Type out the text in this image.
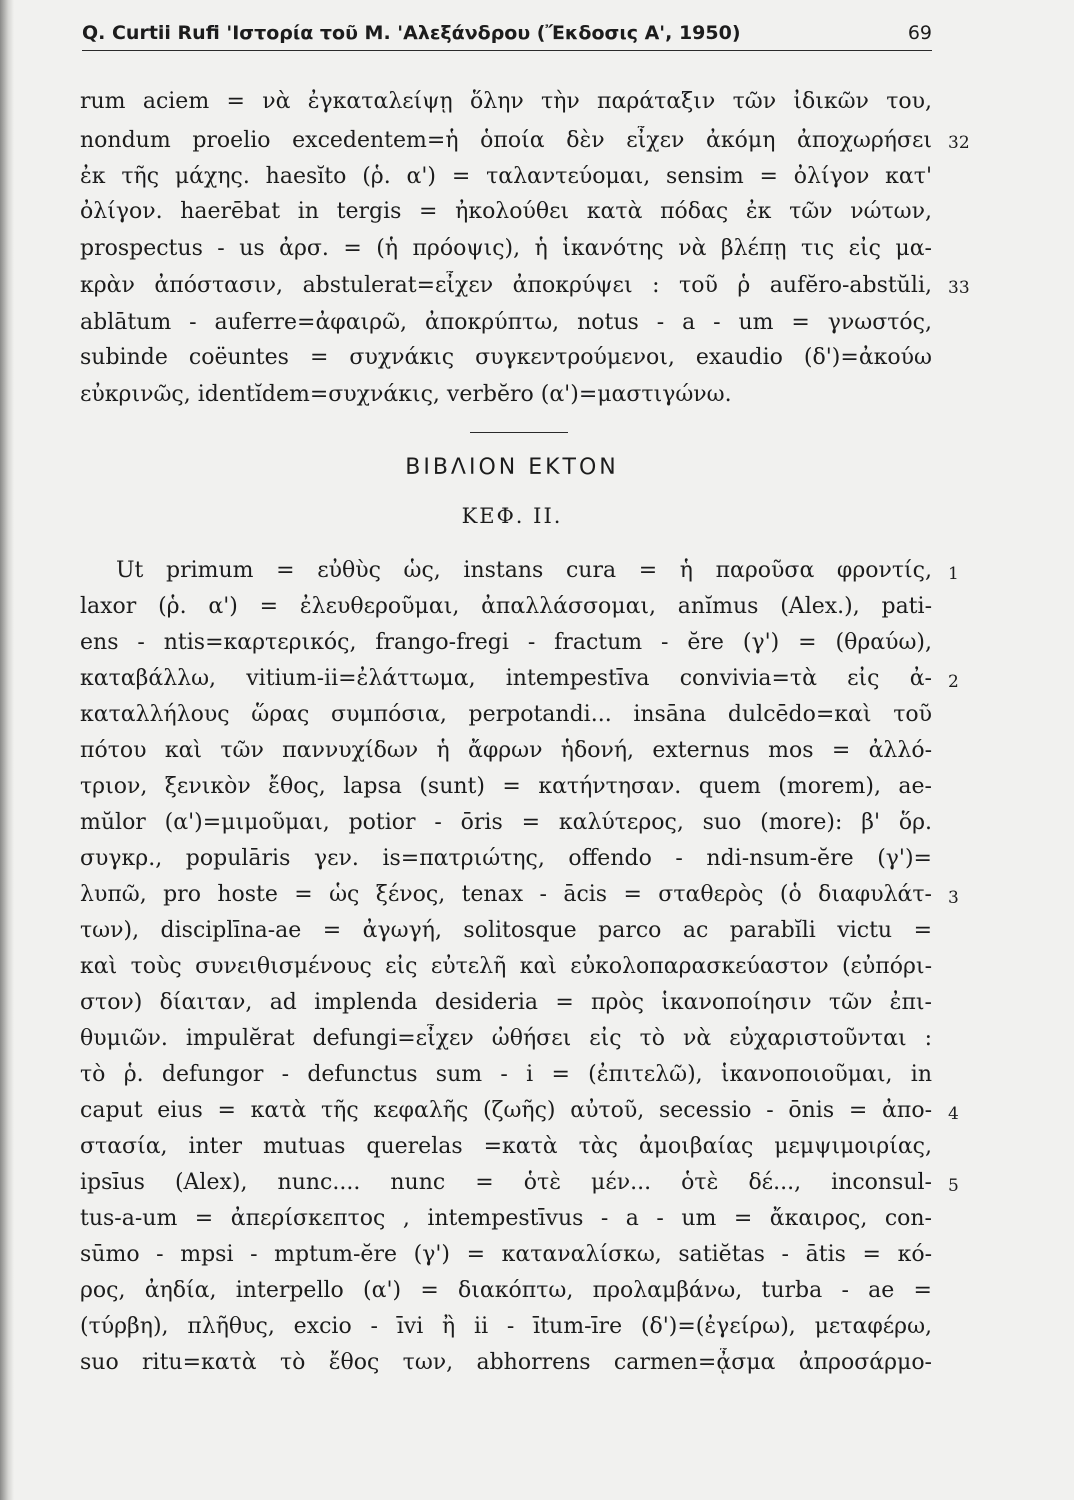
Q. Curtii Rufi 'Ιστορία τοῦ Μ. 'Αλεξάνδρου (Ἔκδοσις Α', 1950)	69

rum aciem = νὰ ἐγκαταλείψῃ ὅλην τὴν παράταξιν τῶν ἰδικῶν του,

nondum proelio excedentem=ἡ ὁποία δὲν εἶχεν ἀκόμη ἀποχωρήσει

ἐκ τῆς μάχης. haesĭto (ῥ. α') = ταλαντεύομαι, sensim = ὀλίγον κατ'

ὀλίγον. haerēbat in tergis = ἠκολούθει κατὰ πόδας ἐκ τῶν νώτων,

prospectus - us ἀρσ. = (ἡ πρόοψις), ἡ ἱκανότης νὰ βλέπῃ τις εἰς μα-

κρὰν ἀπόστασιν, abstulerat=εἶχεν ἀποκρύψει : τοῦ ῥ aufĕro-abstŭli,

ablātum - auferre=ἀφαιρῶ, ἀποκρύπτω, notus - a - um = γνωστός,

subinde coëuntes = συχνάκις συγκεντρούμενοι, exaudio (δ')=ἀκούω

εὐκρινῶς, identĭdem=συχνάκις, verbĕro (α')=μαστιγώνω.

32
33
ΒΙΒΛΙΟΝ ΕΚΤΟΝ
ΚΕΦ. ΙΙ.

Ut primum = εὐθὺς ὡς, instans cura = ἡ παροῦσα φροντίς,

laxor (ῥ. α') = ἐλευθεροῦμαι, ἀπαλλάσσομαι, anĭmus (Alex.), pati-

ens - ntis=καρτερικός, frango-fregi - fractum - ĕre (γ') = (θραύω),

καταβάλλω, vitium-ii=ἐλάττωμα, intempestīva convivia=τὰ εἰς ἀ-

καταλλήλους ὥρας συμπόσια, perpotandi... insāna dulcēdo=καὶ τοῦ

πότου καὶ τῶν παννυχίδων ἡ ἄφρων ἡδονή, externus mos = ἀλλό-

τριον, ξενικὸν ἔθος, lapsa (sunt) = κατήντησαν. quem (morem), ae-

mŭlor (α')=μιμοῦμαι, potior - ōris = καλύτερος, suo (more): β' ὅρ.

συγκρ., populāris γεν. is=πατριώτης, offendo - ndi-nsum-ĕre (γ')=

λυπῶ, pro hoste = ὡς ξένος, tenax - ācis = σταθερὸς (ὁ διαφυλάτ-

των), disciplīna-ae = ἀγωγή, solitosque parco ac parabĭli victu =

καὶ τοὺς συνειθισμένους εἰς εὐτελῆ καὶ εὐκολοπαρασκεύαστον (εὐπόρι-

στον) δίαιταν, ad implenda desideria = πρὸς ἱκανοποίησιν τῶν ἐπι-

θυμιῶν. impulĕrat defungi=εἶχεν ὠθήσει εἰς τὸ νὰ εὐχαριστοῦνται :

τὸ ῥ. defungor - defunctus sum - i = (ἐπιτελῶ), ἱκανοποιοῦμαι, in

caput eius = κατὰ τῆς κεφαλῆς (ζωῆς) αὐτοῦ, secessio - ōnis = ἀπο-

στασία, inter mutuas querelas =κατὰ τὰς ἀμοιβαίας μεμψιμοιρίας,

ipsīus (Alex), nunc.... nunc = ὁτὲ μέν... ὁτὲ δέ..., inconsul-

tus-a-um = ἀπερίσκεπτος , intempestīvus - a - um = ἄκαιρος, con-

sūmo - mpsi - mptum-ĕre (γ') = καταναλίσκω, satiĕtas - ātis = κό-

ρος, ἀηδία, interpello (α') = διακόπτω, προλαμβάνω, turba - ae =

(τύρβη), πλῆθυς, excio - īvi ἢ ii - ītum-īre (δ')=(ἐγείρω), μεταφέρω,

suo ritu=κατὰ τὸ ἔθος των, abhorrens carmen=ᾆσμα ἀπροσάρμο-

1
2
3
4
5
